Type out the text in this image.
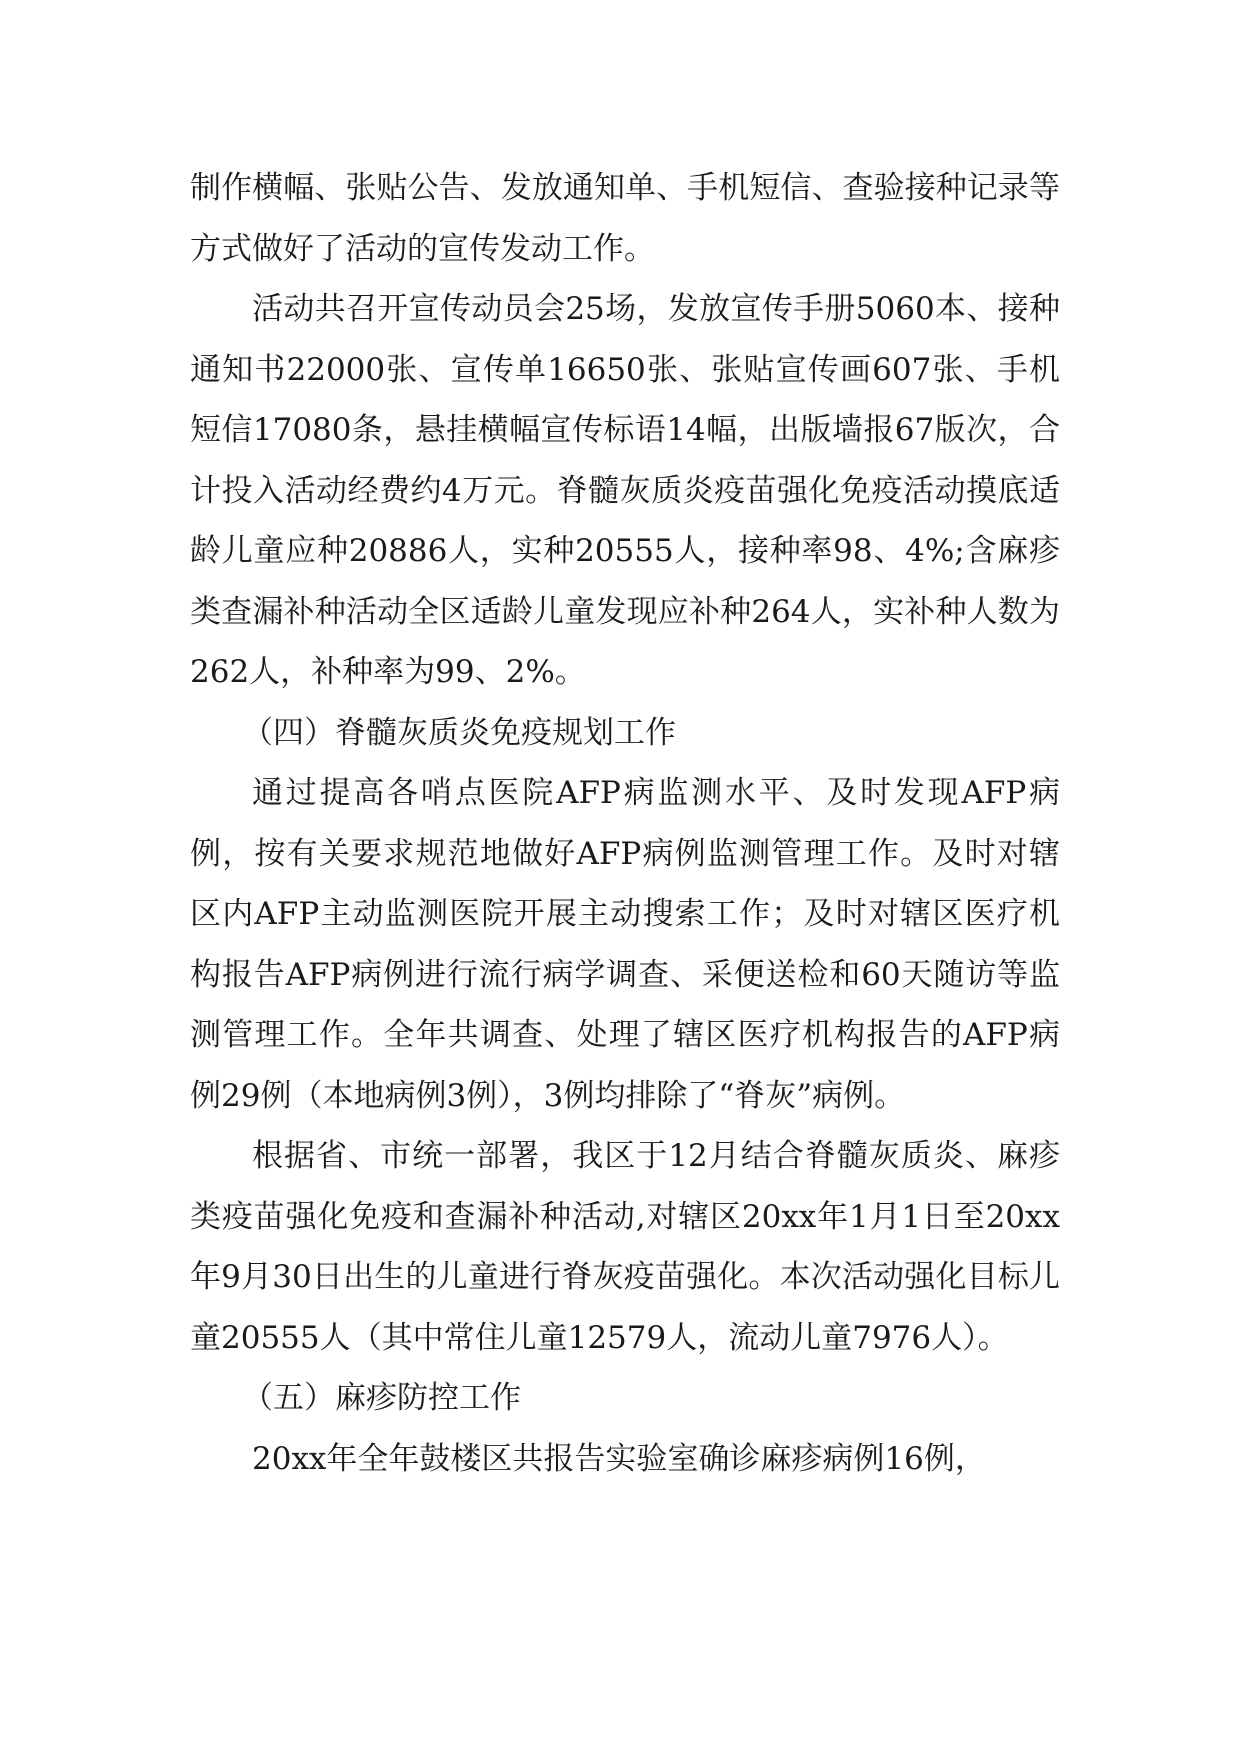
制作横幅、张贴公告、发放通知单、手机短信、查验接种记录等方式做好了活动的宣传发动工作。

活动共召开宣传动员会25场，发放宣传手册5060本、接种通知书22000张、宣传单16650张、张贴宣传画607张、手机短信17080条，悬挂横幅宣传标语14幅，出版墙报67版次，合计投入活动经费约4万元。脊髓灰质炎疫苗强化免疫活动摸底适龄儿童应种20886人，实种20555人，接种率98、4%;含麻疹类查漏补种活动全区适龄儿童发现应补种264人，实补种人数为262人，补种率为99、2%。

（四）脊髓灰质炎免疫规划工作

通过提高各哨点医院AFP病监测水平、及时发现AFP病例，按有关要求规范地做好AFP病例监测管理工作。及时对辖区内AFP主动监测医院开展主动搜索工作；及时对辖区医疗机构报告AFP病例进行流行病学调查、采便送检和60天随访等监测管理工作。全年共调查、处理了辖区医疗机构报告的AFP病例29例（本地病例3例），3例均排除了“脊灰”病例。

根据省、市统一部署，我区于12月结合脊髓灰质炎、麻疹类疫苗强化免疫和查漏补种活动,对辖区20xx年1月1日至20xx年9月30日出生的儿童进行脊灰疫苗强化。本次活动强化目标儿童20555人（其中常住儿童12579人，流动儿童7976人）。

（五）麻疹防控工作

20xx年全年鼓楼区共报告实验室确诊麻疹病例16例，
